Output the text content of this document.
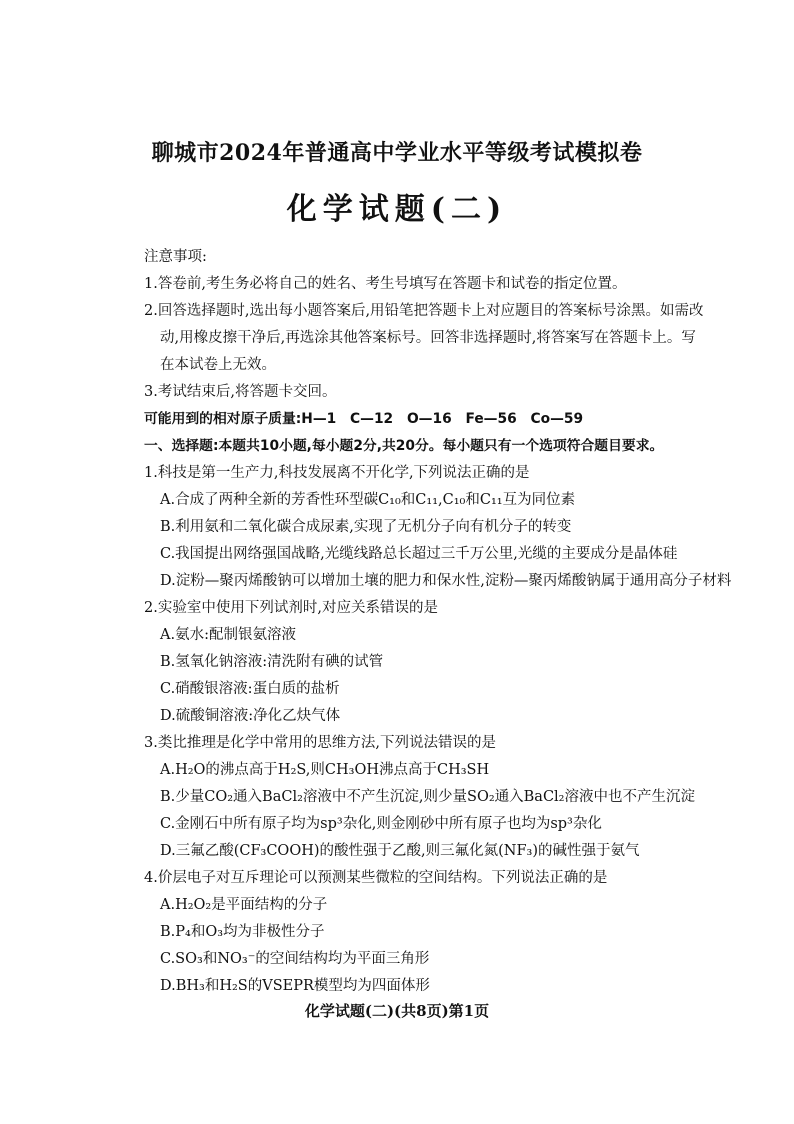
聊城市2024年普通高中学业水平等级考试模拟卷
化学试题(二)
注意事项:
1.答卷前,考生务必将自己的姓名、考生号填写在答题卡和试卷的指定位置。
2.回答选择题时,选出每小题答案后,用铅笔把答题卡上对应题目的答案标号涂黑。如需改
动,用橡皮擦干净后,再选涂其他答案标号。回答非选择题时,将答案写在答题卡上。写
在本试卷上无效。
3.考试结束后,将答题卡交回。
可能用到的相对原子质量:H—1　C—12　O—16　Fe—56　Co—59
一、选择题:本题共10小题,每小题2分,共20分。每小题只有一个选项符合题目要求。
1.科技是第一生产力,科技发展离不开化学,下列说法正确的是
A.合成了两种全新的芳香性环型碳C₁₀和C₁₁,C₁₀和C₁₁互为同位素
B.利用氨和二氧化碳合成尿素,实现了无机分子向有机分子的转变
C.我国提出网络强国战略,光缆线路总长超过三千万公里,光缆的主要成分是晶体硅
D.淀粉—聚丙烯酸钠可以增加土壤的肥力和保水性,淀粉—聚丙烯酸钠属于通用高分子材料
2.实验室中使用下列试剂时,对应关系错误的是
A.氨水:配制银氨溶液
B.氢氧化钠溶液:清洗附有碘的试管
C.硝酸银溶液:蛋白质的盐析
D.硫酸铜溶液:净化乙炔气体
3.类比推理是化学中常用的思维方法,下列说法错误的是
A.H₂O的沸点高于H₂S,则CH₃OH沸点高于CH₃SH
B.少量CO₂通入BaCl₂溶液中不产生沉淀,则少量SO₂通入BaCl₂溶液中也不产生沉淀
C.金刚石中所有原子均为sp³杂化,则金刚砂中所有原子也均为sp³杂化
D.三氟乙酸(CF₃COOH)的酸性强于乙酸,则三氟化氮(NF₃)的碱性强于氨气
4.价层电子对互斥理论可以预测某些微粒的空间结构。下列说法正确的是
A.H₂O₂是平面结构的分子
B.P₄和O₃均为非极性分子
C.SO₃和NO₃⁻的空间结构均为平面三角形
D.BH₃和H₂S的VSEPR模型均为四面体形
化学试题(二)(共8页)第1页
